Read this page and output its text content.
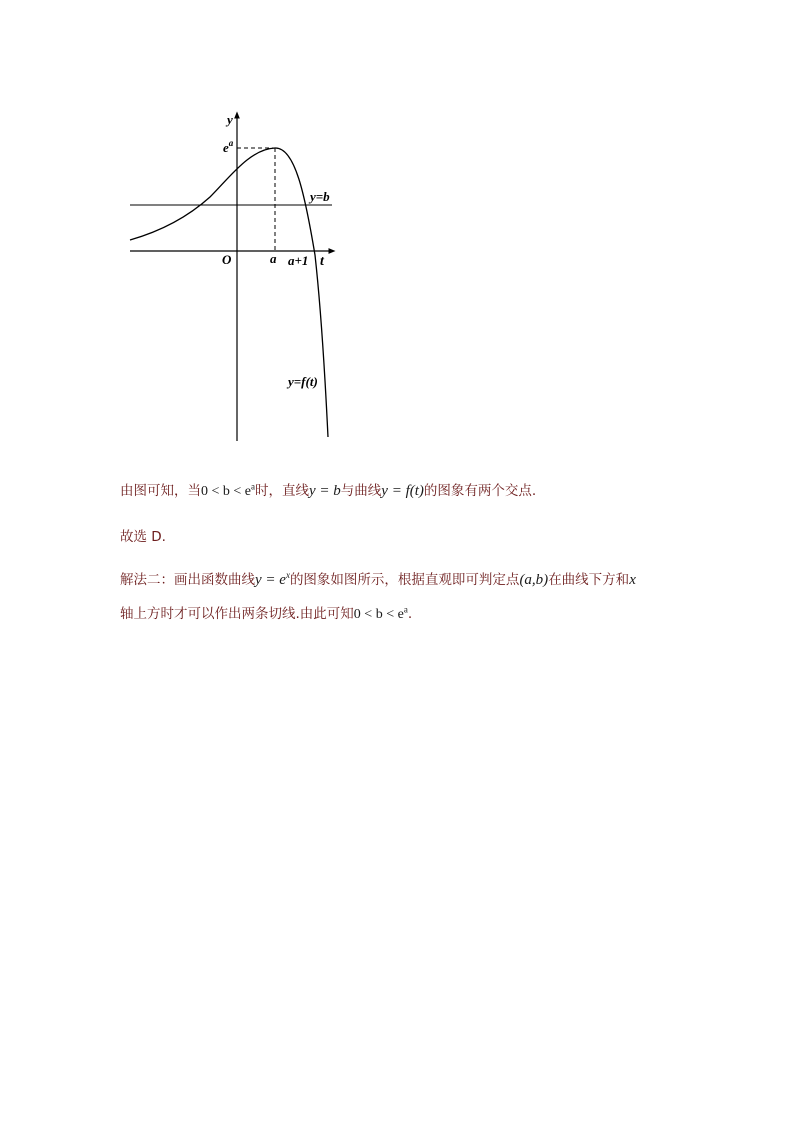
y
t
O
$e^a$
a a+1
y=b
y=f(t)
由图可知，当$0 < b < e^a$时，直线y = b与曲线y = f(t)的图象有两个交点.
故选 D.
解法二：画出函数曲线$y = e^x$的图象如图所示，根据直观即可判定点(a,b)在曲线下方和x
轴上方时才可以作出两条切线.由此可知$0 < b < e^a$.
